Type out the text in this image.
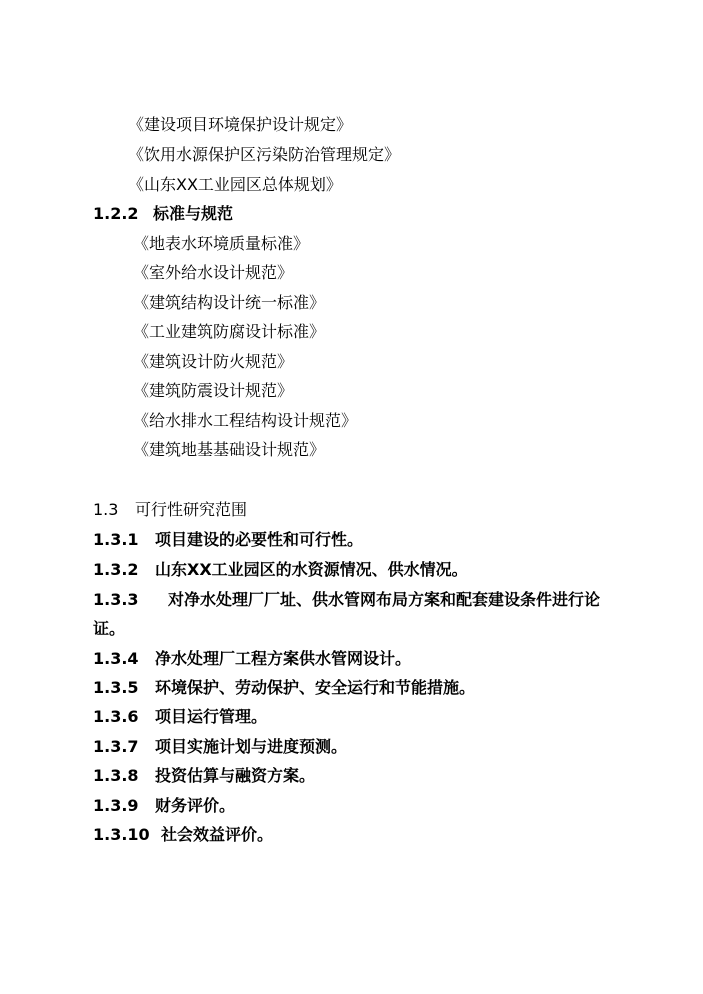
《建设项目环境保护设计规定》
《饮用水源保护区污染防治管理规定》
《山东XX工业园区总体规划》
1.2.2 标准与规范
《地表水环境质量标准》
《室外给水设计规范》
《建筑结构设计统一标准》
《工业建筑防腐设计标准》
《建筑设计防火规范》
《建筑防震设计规范》
《给水排水工程结构设计规范》
《建筑地基基础设计规范》
1.3 可行性研究范围
1.3.1 项目建设的必要性和可行性。
1.3.2 山东XX工业园区的水资源情况、供水情况。
1.3.3 对净水处理厂厂址、供水管网布局方案和配套建设条件进行论
证。
1.3.4 净水处理厂工程方案供水管网设计。
1.3.5 环境保护、劳动保护、安全运行和节能措施。
1.3.6 项目运行管理。
1.3.7 项目实施计划与进度预测。
1.3.8 投资估算与融资方案。
1.3.9 财务评价。
1.3.10 社会效益评价。
